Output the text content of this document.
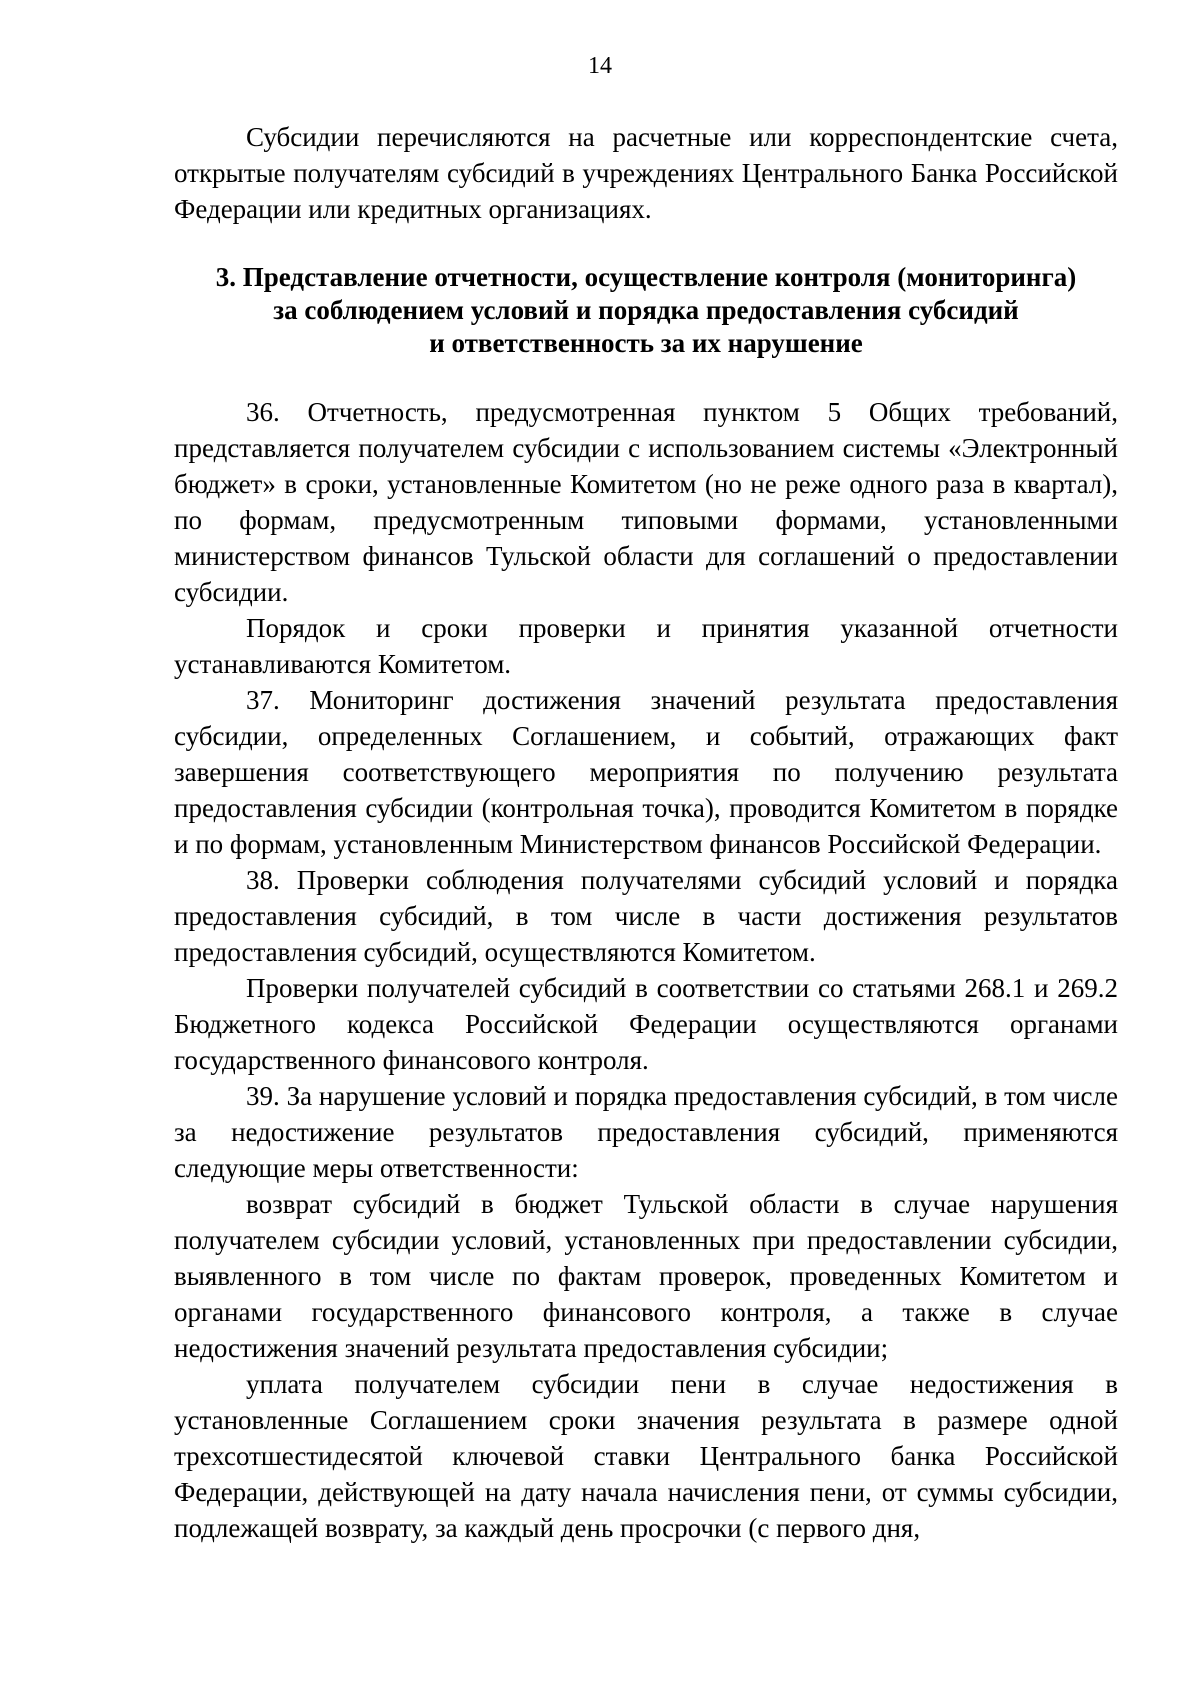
14

Субсидии перечисляются на расчетные или корреспондентские счета, открытые получателям субсидий в учреждениях Центрального Банка Российской Федерации или кредитных организациях.

3. Представление отчетности, осуществление контроля (мониторинга)
за соблюдением условий и порядка предоставления субсидий
и ответственность за их нарушение

36. Отчетность, предусмотренная пунктом 5 Общих требований, представляется получателем субсидии с использованием системы «Электронный бюджет» в сроки, установленные Комитетом (но не реже одного раза в квартал), по формам, предусмотренным типовыми формами, установленными министерством финансов Тульской области для соглашений о предоставлении субсидии.

Порядок и сроки проверки и принятия указанной отчетности устанавливаются Комитетом.

37. Мониторинг достижения значений результата предоставления субсидии, определенных Соглашением, и событий, отражающих факт завершения соответствующего мероприятия по получению результата предоставления субсидии (контрольная точка), проводится Комитетом в порядке и по формам, установленным Министерством финансов Российской Федерации.

38. Проверки соблюдения получателями субсидий условий и порядка предоставления субсидий, в том числе в части достижения результатов предоставления субсидий, осуществляются Комитетом.

Проверки получателей субсидий в соответствии со статьями 268.1 и 269.2 Бюджетного кодекса Российской Федерации осуществляются органами государственного финансового контроля.

39. За нарушение условий и порядка предоставления субсидий, в том числе за недостижение результатов предоставления субсидий, применяются следующие меры ответственности:

возврат субсидий в бюджет Тульской области в случае нарушения получателем субсидии условий, установленных при предоставлении субсидии, выявленного в том числе по фактам проверок, проведенных Комитетом и органами государственного финансового контроля, а также в случае недостижения значений результата предоставления субсидии;

уплата получателем субсидии пени в случае недостижения в установленные Соглашением сроки значения результата в размере одной трехсотшестидесятой ключевой ставки Центрального банка Российской Федерации, действующей на дату начала начисления пени, от суммы субсидии, подлежащей возврату, за каждый день просрочки (с первого дня,
